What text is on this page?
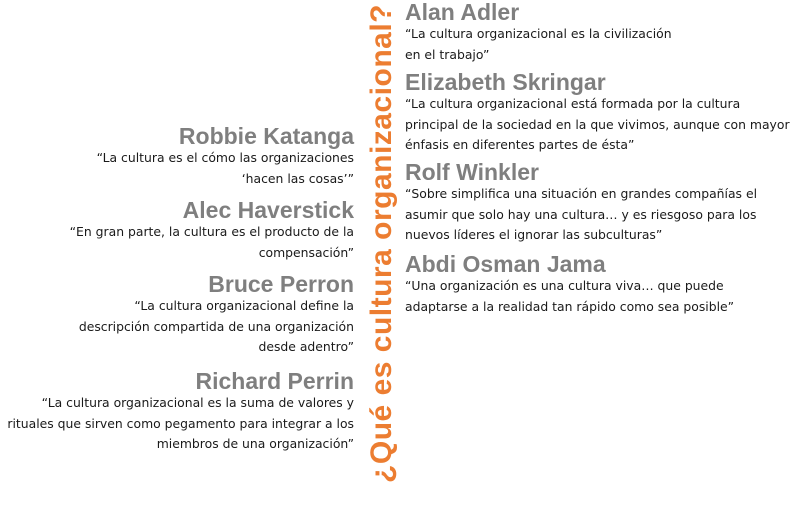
¿Qué es cultura organizacional?
Robbie Katanga
“La cultura es el cómo las organizaciones
‘hacen las cosas’”
Alec Haverstick
“En gran parte, la cultura es el producto de la
compensación”
Bruce Perron
“La cultura organizacional define la
descripción compartida de una organización
desde adentro”
Richard Perrin
“La cultura organizacional es la suma de valores y
rituales que sirven como pegamento para integrar a los
miembros de una organización”
Alan Adler
“La cultura organizacional es la civilización
en el trabajo”
Elizabeth Skringar
“La cultura organizacional está formada por la cultura
principal de la sociedad en la que vivimos, aunque con mayor
énfasis en diferentes partes de ésta”
Rolf Winkler
“Sobre simplifica una situación en grandes compañías el
asumir que solo hay una cultura… y es riesgoso para los
nuevos líderes el ignorar las subculturas”
Abdi Osman Jama
“Una organización es una cultura viva… que puede
adaptarse a la realidad tan rápido como sea posible”
